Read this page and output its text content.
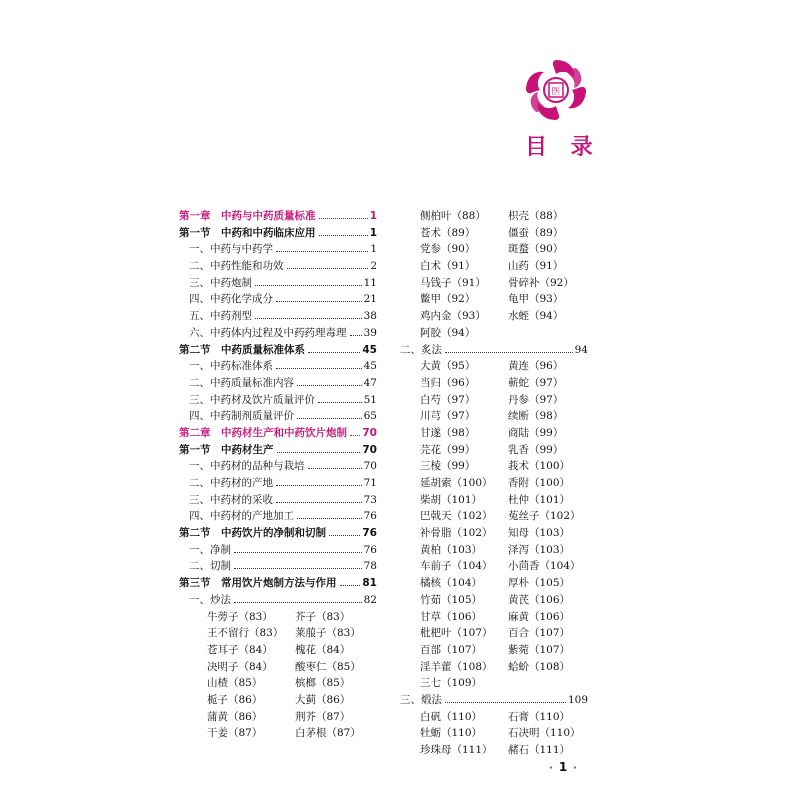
医
目 录
第一章　中药与中药质量标准	1
第一节　中药和中药临床应用	1
一、中药与中药学	1
二、中药性能和功效	2
三、中药炮制	11
四、中药化学成分	21
五、中药剂型	38
六、中药体内过程及中药药理毒理 39
第二节　中药质量标准体系	45
一、中药标准体系	45
二、中药质量标准内容	47
三、中药材及饮片质量评价	51
四、中药制剂质量评价	65
第二章　中药材生产和中药饮片炮制 70
第一节　中药材生产	70
一、中药材的品种与栽培	70
二、中药材的产地	71
三、中药材的采收	73
四、中药材的产地加工	76
第二节　中药饮片的净制和切制	76
一、净制	76
二、切制	78
第三节　常用饮片炮制方法与作用 81
一、炒法	82
牛蒡子（83）	芥子（83）
王不留行（83）	莱菔子（83）
苍耳子（84）	槐花（84）
决明子（84）	酸枣仁（85）
山楂（85）	槟榔（85）
栀子（86）	大蓟（86）
蒲黄（86）	荆芥（87）
干姜（87）	白茅根（87）
侧柏叶（88）	枳壳（88）
苍术（89）	僵蚕（89）
党参（90）	斑蝥（90）
白术（91）	山药（91）
马钱子（91）	骨碎补（92）
鳖甲（92）	龟甲（93）
鸡内金（93）	水蛭（94）
阿胶（94）
二、炙法	94
大黄（95）	黄连（96）
当归（96）	蕲蛇（97）
白芍（97）	丹参（97）
川芎（97）	续断（98）
甘遂（98）	商陆（99）
芫花（99）	乳香（99）
三棱（99）	莪术（100）
延胡索（100）	香附（100）
柴胡（101）	杜仲（101）
巴戟天（102）	菟丝子（102）
补骨脂（102）	知母（103）
黄柏（103）	泽泻（103）
车前子（104）	小茴香（104）
橘核（104）	厚朴（105）
竹茹（105）	黄芪（106）
甘草（106）	麻黄（106）
枇杷叶（107）	百合（107）
百部（107）	紫菀（107）
淫羊藿（108）	蛤蚧（108）
三七（109）
三、煅法	109
白矾（110）	石膏（110）
牡蛎（110）	石决明（110）
珍珠母（111）	赭石（111）
· 1 ·
